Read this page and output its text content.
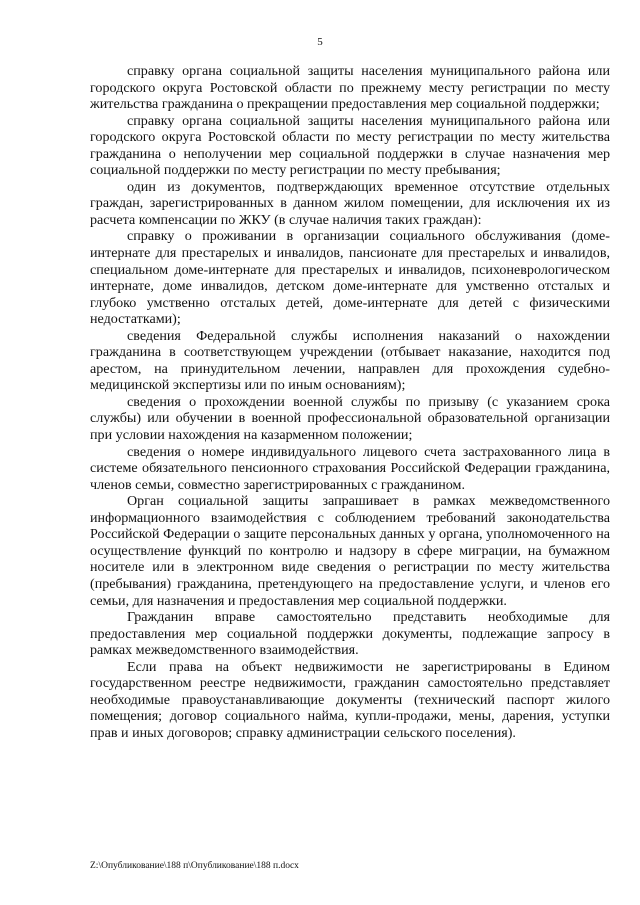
5

справку органа социальной защиты населения муниципального района или городского округа Ростовской области по прежнему месту регистрации по месту жительства гражданина о прекращении предоставления мер социальной поддержки;

справку органа социальной защиты населения муниципального района или городского округа Ростовской области по месту регистрации по месту жительства гражданина о неполучении мер социальной поддержки в случае назначения мер социальной поддержки по месту регистрации по месту пребывания;

один из документов, подтверждающих временное отсутствие отдельных граждан, зарегистрированных в данном жилом помещении, для исключения их из расчета компенсации по ЖКУ (в случае наличия таких граждан):

справку о проживании в организации социального обслуживания (доме-интернате для престарелых и инвалидов, пансионате для престарелых и инвалидов, специальном доме-интернате для престарелых и инвалидов, психоневрологическом интернате, доме инвалидов, детском доме-интернате для умственно отсталых и глубоко умственно отсталых детей, доме-интернате для детей с физическими недостатками);

сведения Федеральной службы исполнения наказаний о нахождении гражданина в соответствующем учреждении (отбывает наказание, находится под арестом, на принудительном лечении, направлен для прохождения судебно-медицинской экспертизы или по иным основаниям);

сведения о прохождении военной службы по призыву (с указанием срока службы) или обучении в военной профессиональной образовательной организации при условии нахождения на казарменном положении;

сведения о номере индивидуального лицевого счета застрахованного лица в системе обязательного пенсионного страхования Российской Федерации гражданина, членов семьи, совместно зарегистрированных с гражданином.

Орган социальной защиты запрашивает в рамках межведомственного информационного взаимодействия с соблюдением требований законодательства Российской Федерации о защите персональных данных у органа, уполномоченного на осуществление функций по контролю и надзору в сфере миграции, на бумажном носителе или в электронном виде сведения о регистрации по месту жительства (пребывания) гражданина, претендующего на предоставление услуги, и членов его семьи, для назначения и предоставления мер социальной поддержки.

Гражданин вправе самостоятельно представить необходимые для предоставления мер социальной поддержки документы, подлежащие запросу в рамках межведомственного взаимодействия.

Если права на объект недвижимости не зарегистрированы в Едином государственном реестре недвижимости, гражданин самостоятельно представляет необходимые правоустанавливающие документы (технический паспорт жилого помещения; договор социального найма, купли-продажи, мены, дарения, уступки прав и иных договоров; справку администрации сельского поселения).

Z:\Опубликование\188 п\Опубликование\188 п.docx
